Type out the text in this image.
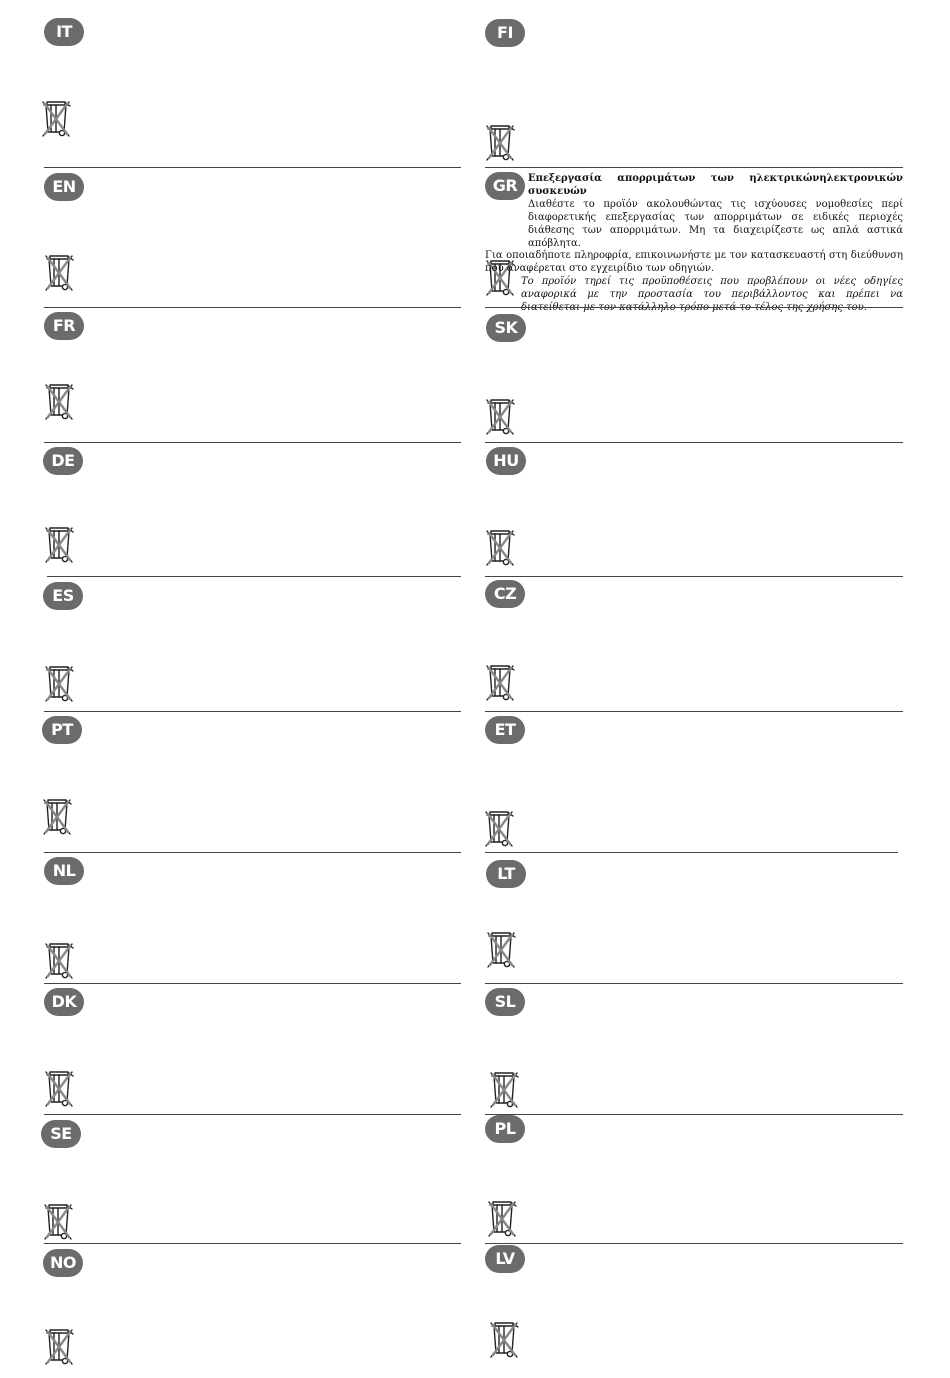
IT
EN
FR
DE
ES
PT
NL
DK
SE
NO
FI
GR	Επεξεργασία απορριμάτων των ηλεκτρικώνηλεκτρονικών συσκευών

Διαθέστε το προϊόν ακολουθώντας τις ισχύουσες νομοθεσίες περί διαφορετικής επεξεργασίας των απορριμάτων σε ειδικές περιοχές διάθεσης των απορριμάτων. Μη τα διαχειρίζεστε ως απλά αστικά απόβλητα.

Για οποιαδήποτε πληροφρία, επικοινωνήστε με τον κατασκευαστή στη διεύθυνση που αναφέρεται στο εγχειρίδιο των οδηγιών.

Το προϊόν τηρεί τις προϋποθέσεις που προβλέπουν οι νέες οδηγίες αναφορικά με την προστασία του περιβάλλοντος και πρέπει να διατείθεται με τον κατάλληλο τρόπο μετά το τέλος της χρήσης του.

SK
HU
CZ
ET
LT
SL
PL
LV
